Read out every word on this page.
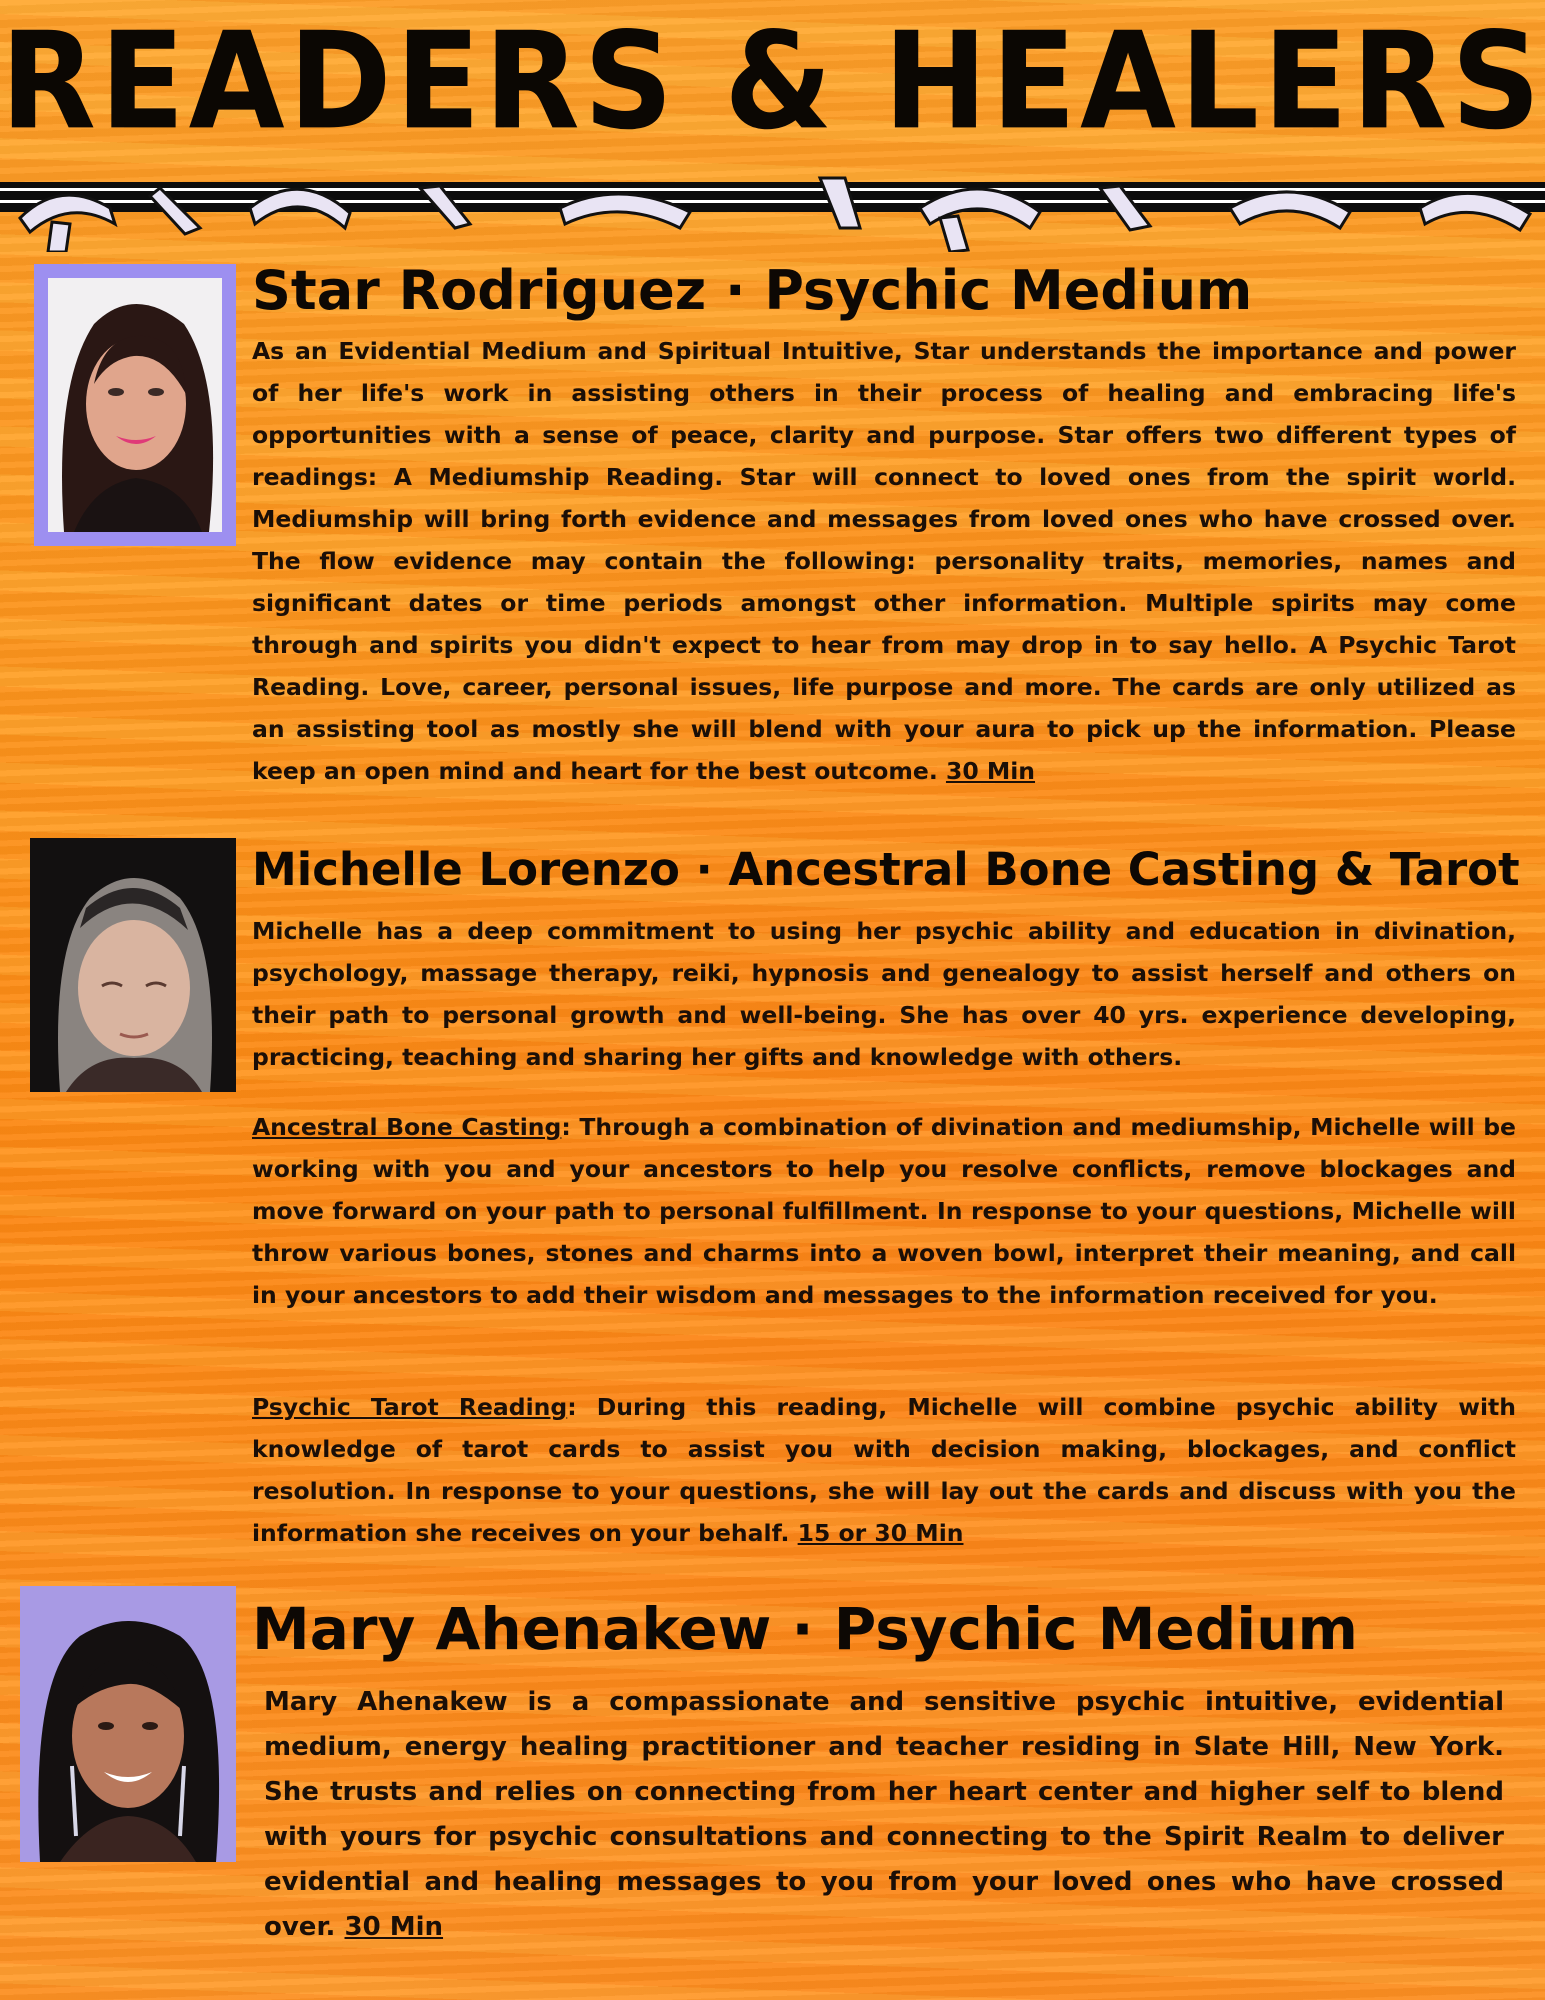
READERS & HEALERS
Star Rodriguez · Psychic Medium

As an Evidential Medium and Spiritual Intuitive, Star understands the importance and power of her life's work in assisting others in their process of healing and embracing life's opportunities with a sense of peace, clarity and purpose. Star offers two different types of readings: A Mediumship Reading. Star will connect to loved ones from the spirit world. Mediumship will bring forth evidence and messages from loved ones who have crossed over. The flow evidence may contain the following: personality traits, memories, names and significant dates or time periods amongst other information. Multiple spirits may come through and spirits you didn't expect to hear from may drop in to say hello. A Psychic Tarot Reading. Love, career, personal issues, life purpose and more. The cards are only utilized as an assisting tool as mostly she will blend with your aura to pick up the information. Please keep an open mind and heart for the best outcome. 30 Min

Michelle Lorenzo · Ancestral Bone Casting & Tarot

Michelle has a deep commitment to using her psychic ability and education in divination, psychology, massage therapy, reiki, hypnosis and genealogy to assist herself and others on their path to personal growth and well-being. She has over 40 yrs. experience developing, practicing, teaching and sharing her gifts and knowledge with others.

Ancestral Bone Casting: Through a combination of divination and mediumship, Michelle will be working with you and your ancestors to help you resolve conflicts, remove blockages and move forward on your path to personal fulfillment. In response to your questions, Michelle will throw various bones, stones and charms into a woven bowl, interpret their meaning, and call in your ancestors to add their wisdom and messages to the information received for you.

Psychic Tarot Reading: During this reading, Michelle will combine psychic ability with knowledge of tarot cards to assist you with decision making, blockages, and conflict resolution. In response to your questions, she will lay out the cards and discuss with you the information she receives on your behalf. 15 or 30 Min

Mary Ahenakew · Psychic Medium

Mary Ahenakew is a compassionate and sensitive psychic intuitive, evidential medium, energy healing practitioner and teacher residing in Slate Hill, New York. She trusts and relies on connecting from her heart center and higher self to blend with yours for psychic consultations and connecting to the Spirit Realm to deliver evidential and healing messages to you from your loved ones who have crossed over. 30 Min
